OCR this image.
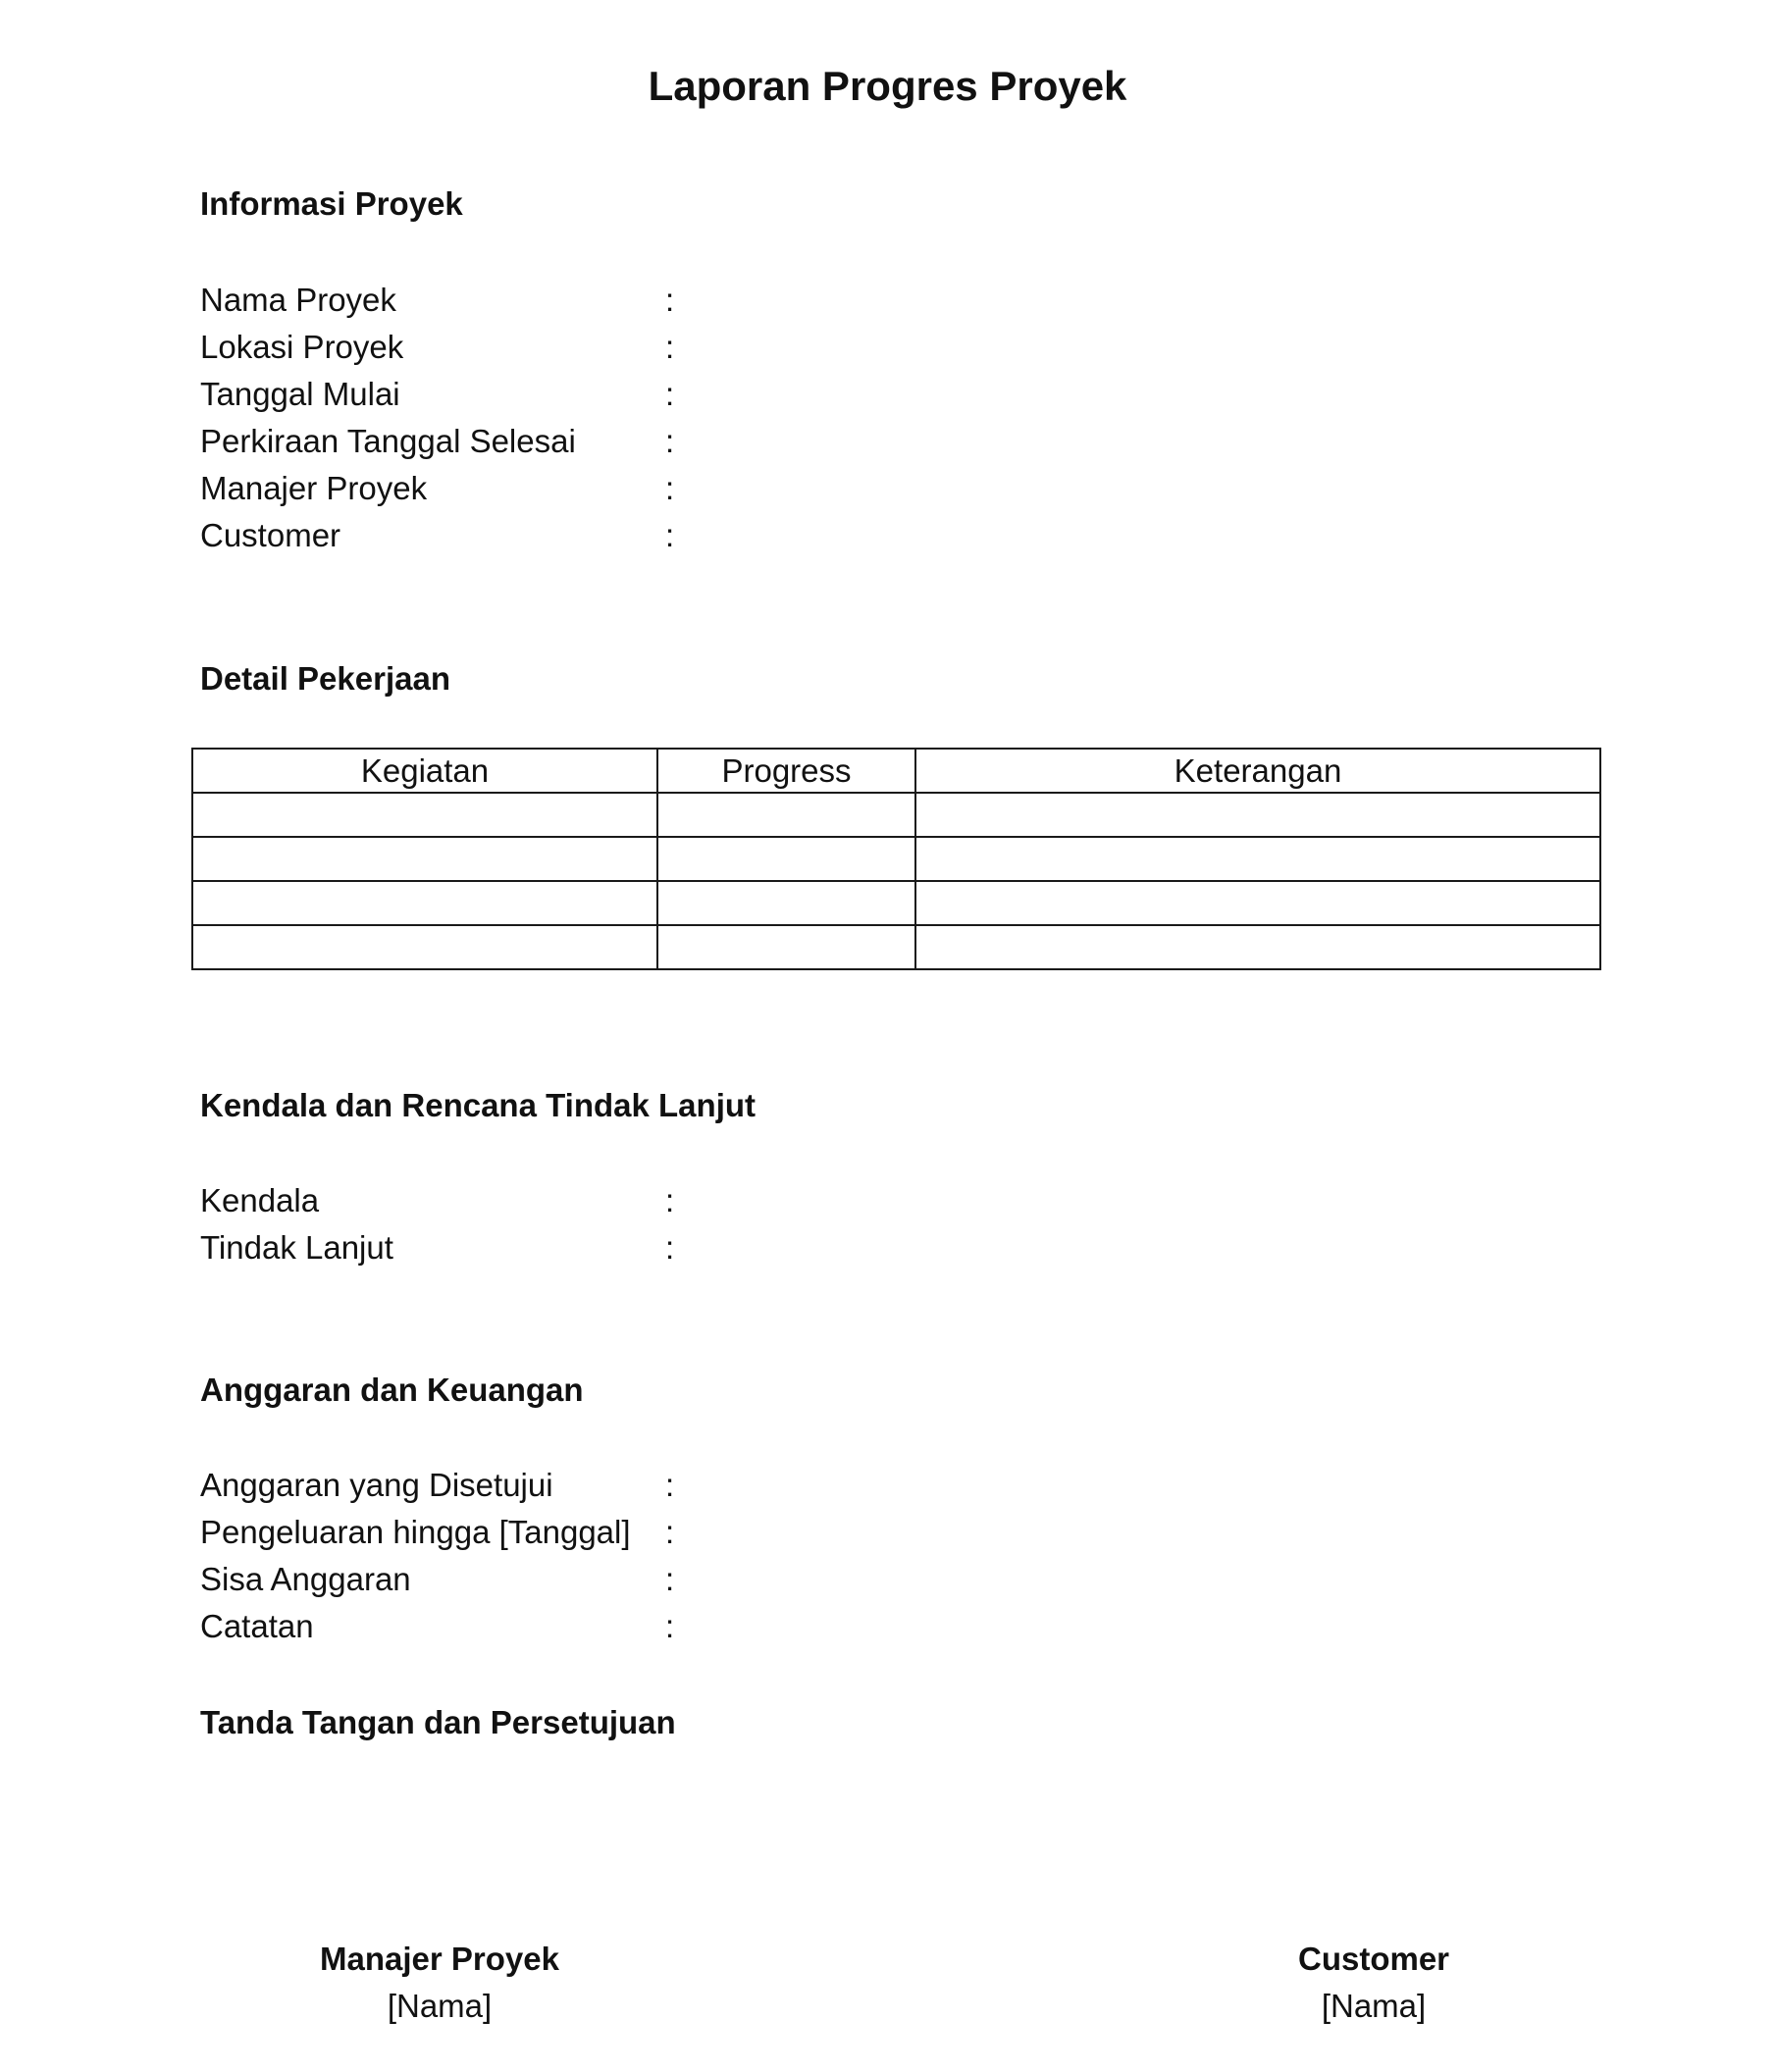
Laporan Progres Proyek
Informasi Proyek
Nama Proyek	:
Lokasi Proyek	:
Tanggal Mulai	:
Perkiraan Tanggal Selesai	:
Manajer Proyek	:
Customer	:
Detail Pekerjaan
Kegiatan	Progress	Keterangan

Kendala dan Rencana Tindak Lanjut
Kendala	:
Tindak Lanjut	:
Anggaran dan Keuangan
Anggaran yang Disetujui	:
Pengeluaran hingga [Tanggal] :
Sisa Anggaran	:
Catatan	:
Tanda Tangan dan Persetujuan
Manajer Proyek
[Nama]
Customer
[Nama]
